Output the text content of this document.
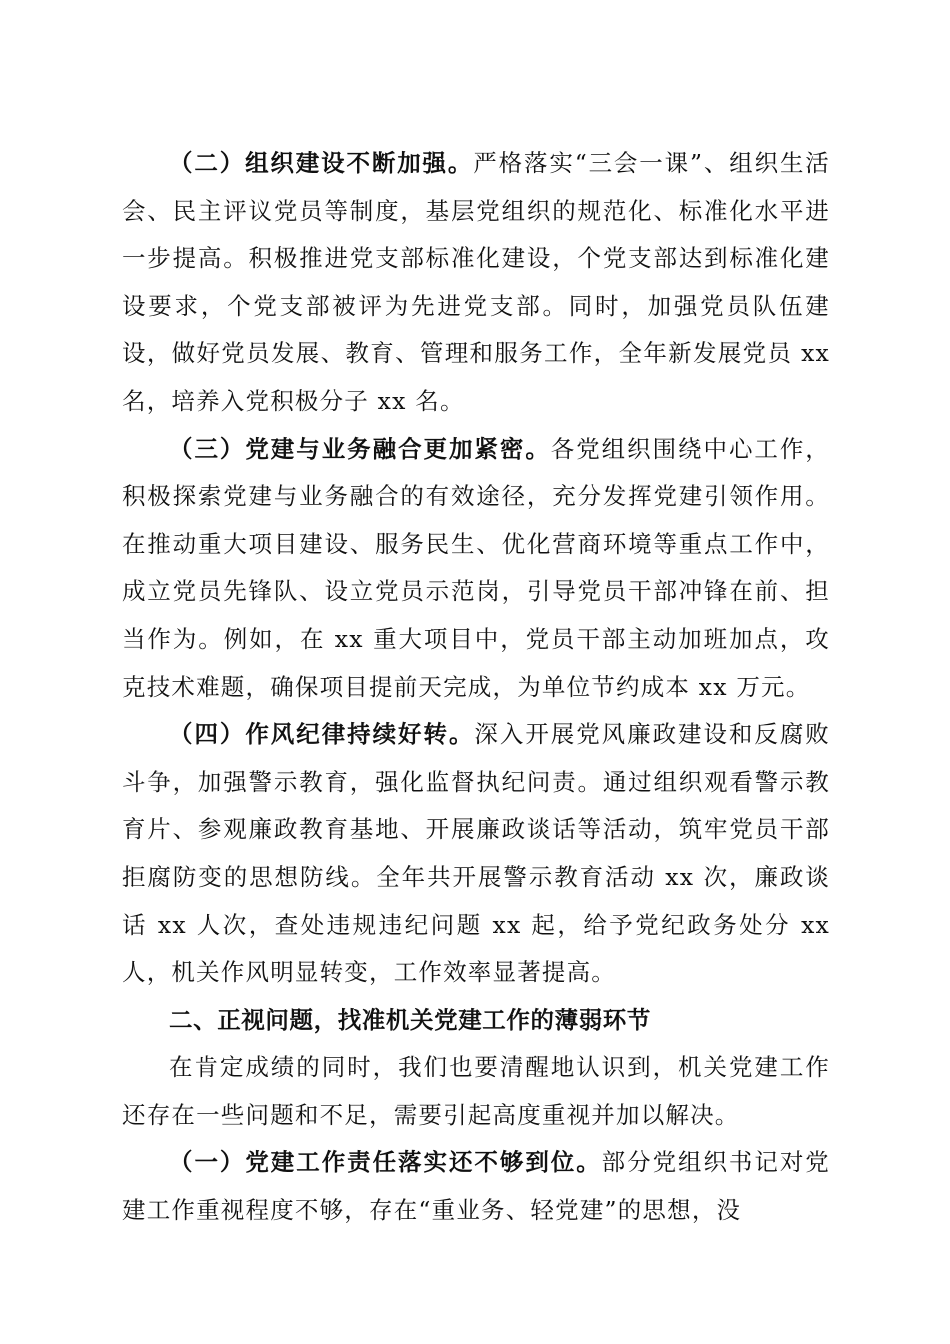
（二）组织建设不断加强。严格落实“三会一课”、组织生活会、民主评议党员等制度，基层党组织的规范化、标准化水平进一步提高。积极推进党支部标准化建设，个党支部达到标准化建设要求，个党支部被评为先进党支部。同时，加强党员队伍建设，做好党员发展、教育、管理和服务工作，全年新发展党员 xx 名，培养入党积极分子 xx 名。

（三）党建与业务融合更加紧密。各党组织围绕中心工作，积极探索党建与业务融合的有效途径，充分发挥党建引领作用。在推动重大项目建设、服务民生、优化营商环境等重点工作中，成立党员先锋队、设立党员示范岗，引导党员干部冲锋在前、担当作为。例如，在 xx 重大项目中，党员干部主动加班加点，攻克技术难题，确保项目提前天完成，为单位节约成本 xx 万元。

（四）作风纪律持续好转。深入开展党风廉政建设和反腐败斗争，加强警示教育，强化监督执纪问责。通过组织观看警示教育片、参观廉政教育基地、开展廉政谈话等活动，筑牢党员干部拒腐防变的思想防线。全年共开展警示教育活动 xx 次，廉政谈话 xx 人次，查处违规违纪问题 xx 起，给予党纪政务处分 xx 人，机关作风明显转变，工作效率显著提高。

二、正视问题，找准机关党建工作的薄弱环节

在肯定成绩的同时，我们也要清醒地认识到，机关党建工作还存在一些问题和不足，需要引起高度重视并加以解决。

（一）党建工作责任落实还不够到位。部分党组织书记对党建工作重视程度不够，存在“重业务、轻党建”的思想，没
